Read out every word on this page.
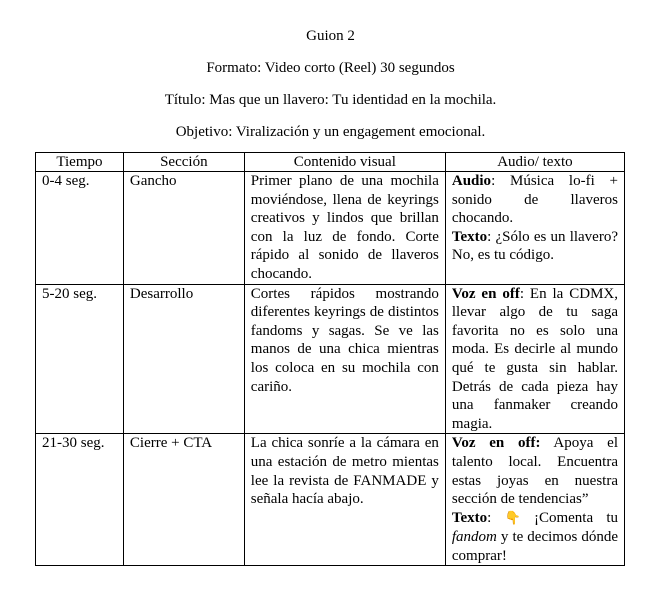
Guion 2
Formato: Video corto (Reel) 30 segundos
Título: Mas que un llavero: Tu identidad en la mochila.
Objetivo: Viralización y un engagement emocional.
Tiempo	Sección	Contenido visual	Audio/ texto
0-4 seg.	Gancho	Primer plano de una mochila moviéndose, llena de keyrings creativos y lindos que brillan con la luz de fondo. Corte rápido al sonido de llaveros chocando.	Audio: Música lo-fi + sonido de llaveros chocando.

Texto: ¿Sólo es un llavero? No, es tu código.

5-20 seg.	Desarrollo	Cortes rápidos mostrando diferentes keyrings de distintos fandoms y sagas. Se ve las manos de una chica mientras los coloca en su mochila con cariño.	Voz en off: En la CDMX, llevar algo de tu saga favorita no es solo una moda. Es decirle al mundo qué te gusta sin hablar. Detrás de cada pieza hay una fanmaker creando magia.
21-30 seg.	Cierre + CTA	La chica sonríe a la cámara en una estación de metro mientas lee la revista de FANMADE y señala hacía abajo.	Voz en off: Apoya el talento local. Encuentra estas joyas en nuestra sección de tendencias”

Texto: 👇 ¡Comenta tu fandom y te decimos dónde comprar!
